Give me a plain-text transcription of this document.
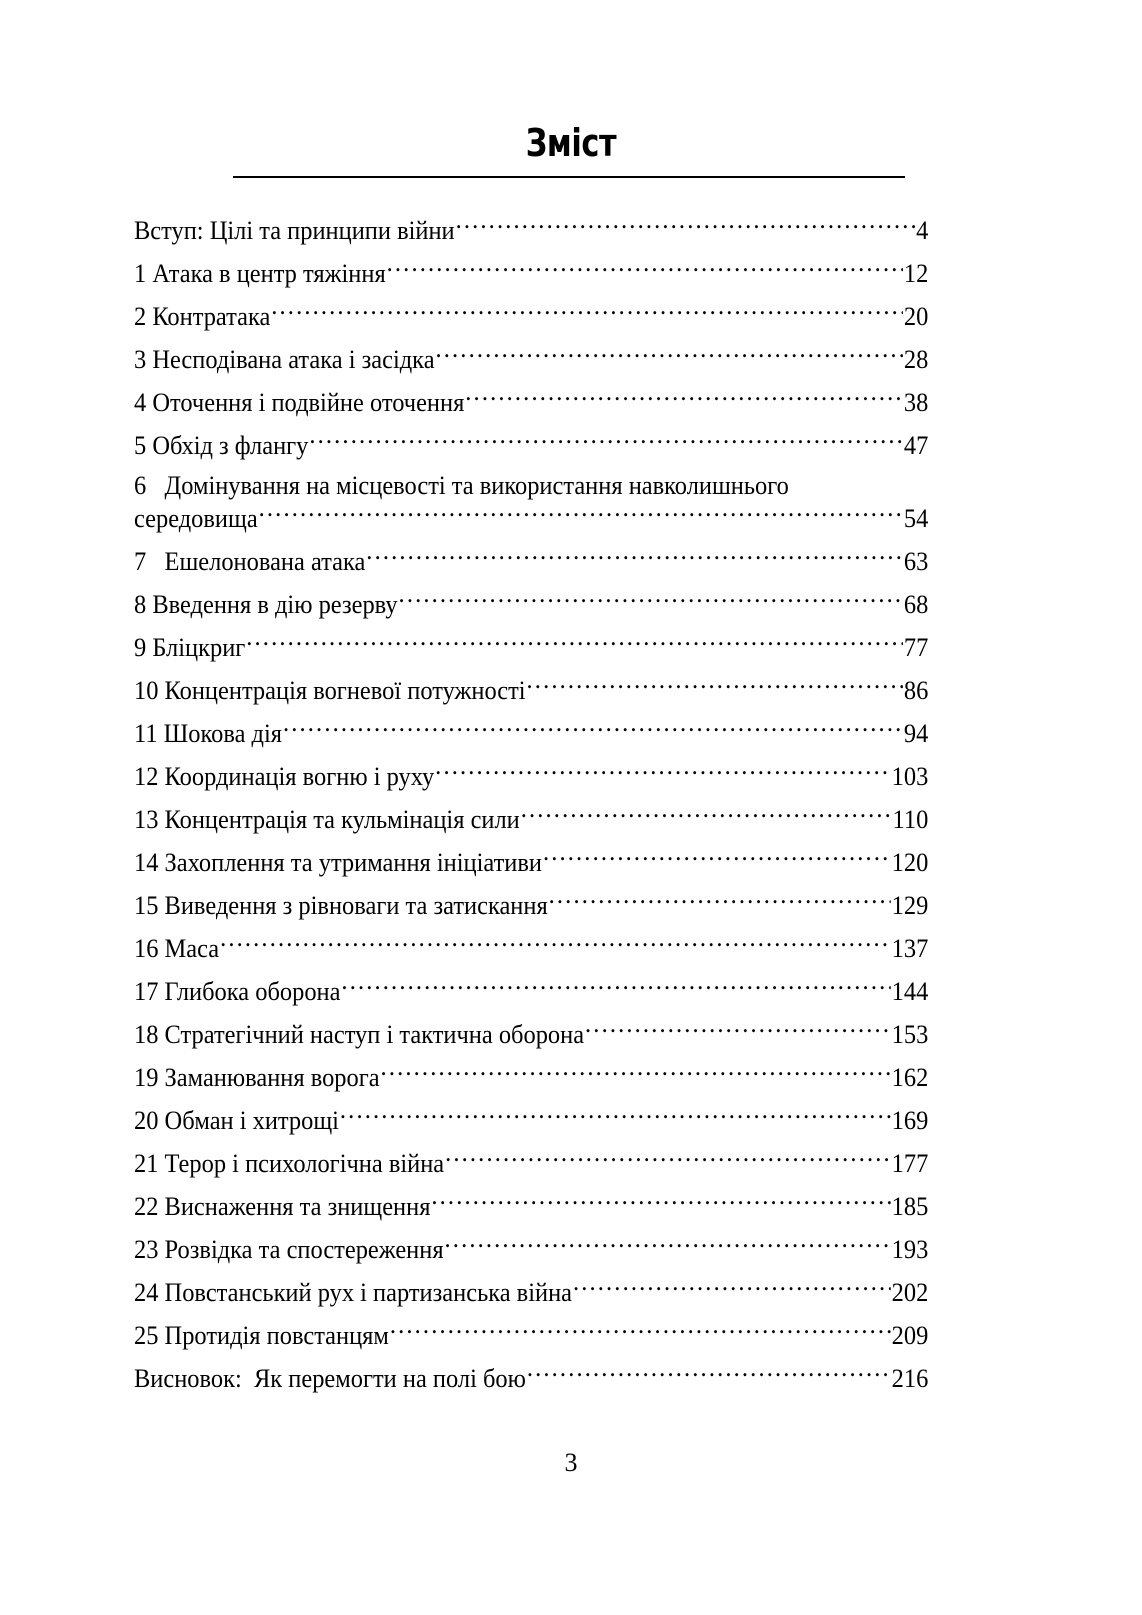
Зміст
Вступ: Цілі та принципи війни .....	4
1 Атака в центр тяжіння .....	12
2 Контратака .....	20
3 Несподівана атака і засідка .....	28
4 Оточення і подвійне оточення .....	38
5 Обхід з флангу .....	47
6   Домінування на місцевості та використання навколишнього
середовища .....	54
7   Ешелонована атака .....	63
8 Введення в дію резерву .....	68
9 Бліцкриг .....	77
10 Концентрація вогневої потужності .....	86
11 Шокова дія .....	94
12 Координація вогню і руху .....	103
13 Концентрація та кульмінація сили .....	110
14 Захоплення та утримання ініціативи .....	120
15 Виведення з рівноваги та затискання .....	129
16 Маса .....	137
17 Глибока оборона .....	144
18 Стратегічний наступ і тактична оборона .....	153
19 Заманювання ворога .....	162
20 Обман і хитрощі .....	169
21 Терор і психологічна війна .....	177
22 Виснаження та знищення .....	185
23 Розвідка та спостереження .....	193
24 Повстанський рух і партизанська війна .....	202
25 Протидія повстанцям .....	209
Висновок:  Як перемогти на полі бою .....	216
3
